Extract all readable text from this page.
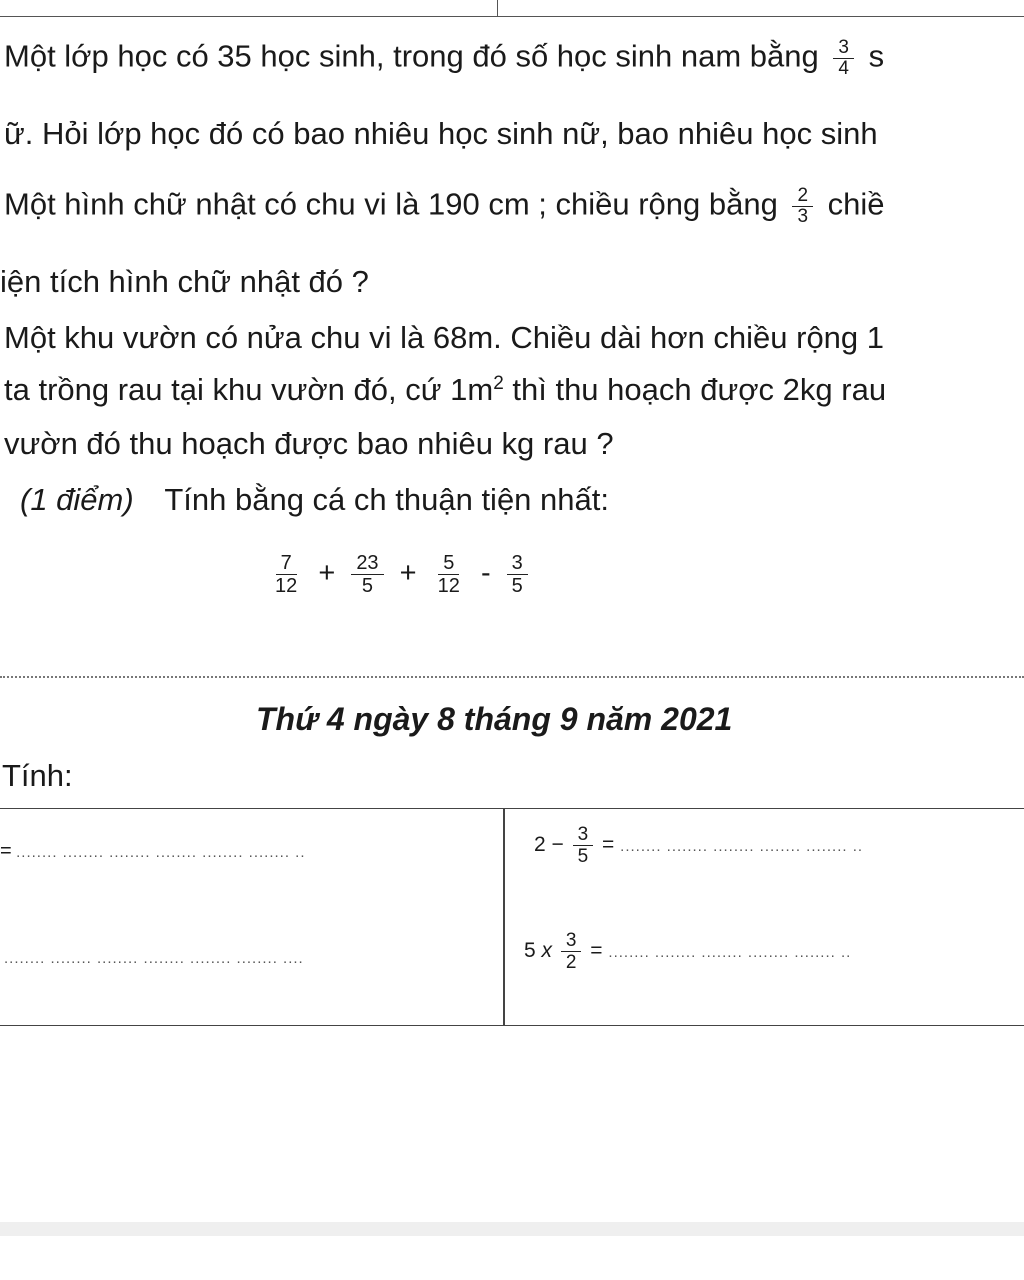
Một lớp học có 35 học sinh, trong đó số học sinh nam bằng $\frac{3}{4}$ s
ữ. Hỏi lớp học đó có bao nhiêu học sinh nữ, bao nhiêu học sinh
Một hình chữ nhật có chu vi là 190 cm ; chiều rộng bằng $\frac{2}{3}$ chiề
iện tích hình chữ nhật đó ?
Một khu vườn có nửa chu vi là 68m. Chiều dài hơn chiều rộng 1
ta trồng rau tại khu vườn đó, cứ $1m^2$ thì thu hoạch được 2kg rau
vườn đó thu hoạch được bao nhiêu kg rau ?
(1 điểm) Tính bằng cá ch thuận tiện nhất:
$\frac{7}{12} + \frac{23}{5} + \frac{5}{12} - \frac{3}{5}$
Thứ 4 ngày 8 tháng 9 năm 2021
Tính:
= ........ ........ ........ ........ ........ ........ ..
........ ........ ........ ........ ........ ........ ....
$2 - \frac{3}{5}$ = ........ ........ ........ ........ ........ ..
5 x $\frac{3}{2}$ = ........ ........ ........ ........ ........ ..
